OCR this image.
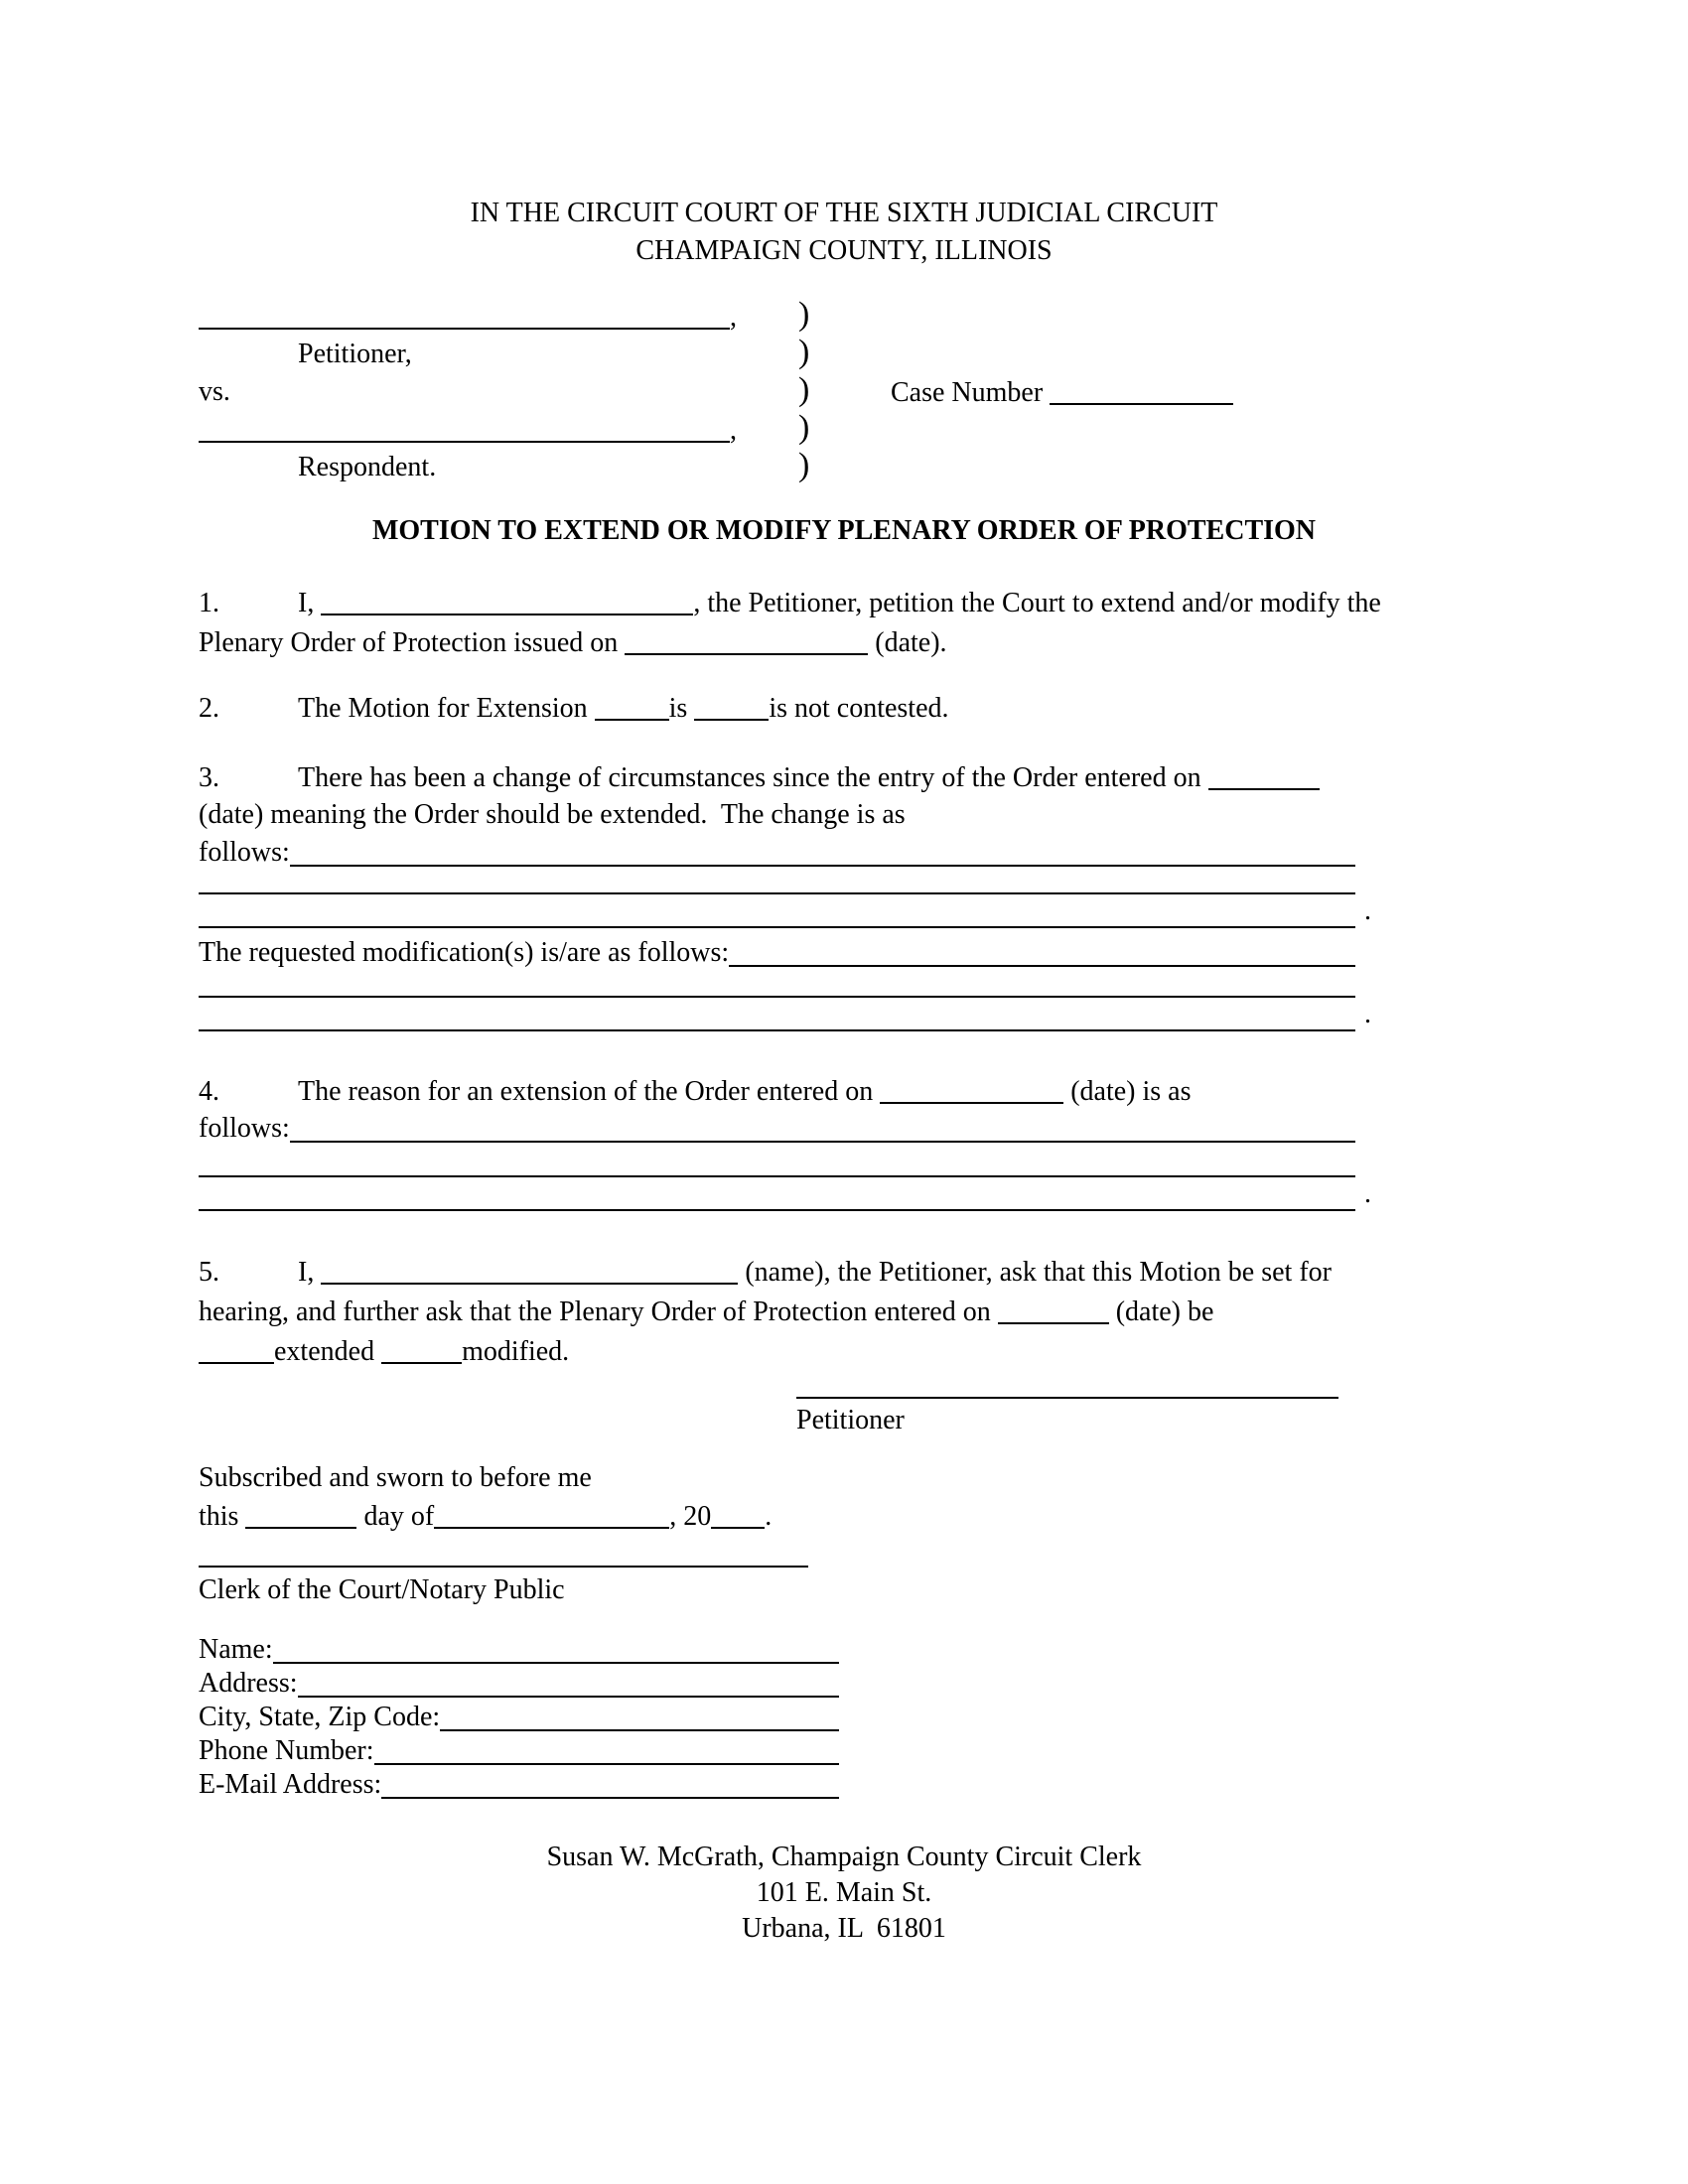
IN THE CIRCUIT COURT OF THE SIXTH JUDICIAL CIRCUIT
CHAMPAIGN COUNTY, ILLINOIS
, )
Petitioner,	)
vs.	)	Case Number
, )
Respondent.	)
MOTION TO EXTEND OR MODIFY PLENARY ORDER OF PROTECTION
1.	I,	, the Petitioner, petition the Court to extend and/or modify the
Plenary Order of Protection issued on	(date).
2.	The Motion for Extension	is	is not contested.
3.	There has been a change of circumstances since the entry of the Order entered on
(date) meaning the Order should be extended.  The change is as
follows:
.
The requested modification(s) is/are as follows:
.
4.	The reason for an extension of the Order entered on	(date) is as
follows:
.
5.	I,	(name), the Petitioner, ask that this Motion be set for
hearing, and further ask that the Plenary Order of Protection entered on	(date) be
extended	modified.
Petitioner
Subscribed and sworn to before me
this	day of	, 20 .
Clerk of the Court/Notary Public
Name:
Address:
City, State, Zip Code:
Phone Number:
E-Mail Address:
Susan W. McGrath, Champaign County Circuit Clerk
101 E. Main St.
Urbana, IL  61801
